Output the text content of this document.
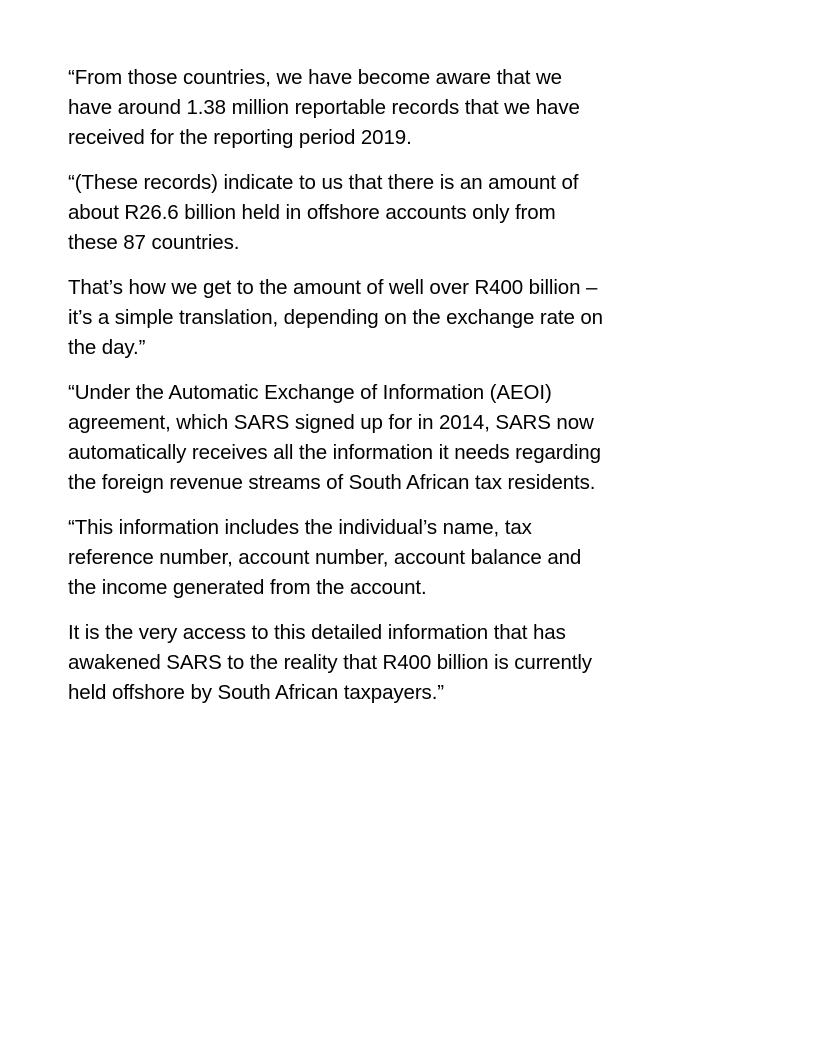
“From those countries, we have become aware that we
have around 1.38 million reportable records that we have
received for the reporting period 2019.

“(These records) indicate to us that there is an amount of
about R26.6 billion held in offshore accounts only from
these 87 countries.

That’s how we get to the amount of well over R400 billion –
it’s a simple translation, depending on the exchange rate on
the day.”

“Under the Automatic Exchange of Information (AEOI)
agreement, which SARS signed up for in 2014, SARS now
automatically receives all the information it needs regarding
the foreign revenue streams of South African tax residents.

“This information includes the individual’s name, tax
reference number, account number, account balance and
the income generated from the account.

It is the very access to this detailed information that has
awakened SARS to the reality that R400 billion is currently
held offshore by South African taxpayers.”
